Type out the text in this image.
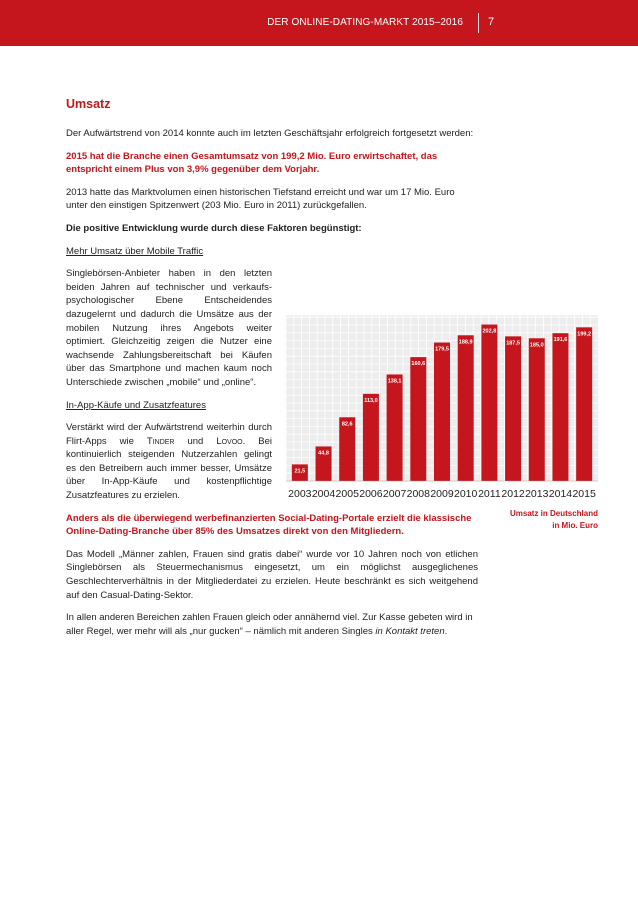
DER ONLINE-DATING-MARKT 2015–2016 7
Umsatz

Der Aufwärtstrend von 2014 konnte auch im letzten Geschäftsjahr erfolgreich fortgesetzt werden:

2015 hat die Branche einen Gesamtumsatz von 199,2 Mio. Euro erwirtschaftet, das entspricht einem Plus von 3,9% gegenüber dem Vorjahr.

2013 hatte das Marktvolumen einen historischen Tiefstand erreicht und war um 17 Mio. Euro unter den einstigen Spitzenwert (203 Mio. Euro in 2011) zurückgefallen.

Die positive Entwicklung wurde durch diese Faktoren begünstigt:

Mehr Umsatz über Mobile Traffic

Singlebörsen-Anbieter haben in den letzten beiden Jahren auf technischer und verkaufs-psychologischer Ebene Entscheidendes dazugelernt und dadurch die Umsätze aus der mobilen Nutzung ihres Angebots weiter optimiert. Gleichzeitig zeigen die Nutzer eine wachsende Zahlungsbereitschaft bei Käufen über das Smartphone und machen kaum noch Unterschiede zwischen „mobile“ und „online“.

In-App-Käufe und Zusatzfeatures

Verstärkt wird der Aufwärtstrend weiterhin durch Flirt-Apps wie Tinder und Lovoo. Bei kontinuierlich steigenden Nutzerzahlen gelingt es den Betreibern auch immer besser, Umsätze über In-App-Käufe und kostenpflichtige Zusatzfeatures zu erzielen.

Anders als die überwiegend werbefinanzierten Social-Dating-Portale erzielt die klassische Online-Dating-Branche über 85% des Umsatzes direkt von den Mitgliedern.

Das Modell „Männer zahlen, Frauen sind gratis dabei“ wurde vor 10 Jahren noch von etlichen Singlebörsen als Steuermechanismus eingesetzt, um ein möglichst ausgeglichenes Geschlechterverhältnis in der Mitgliederdatei zu erzielen. Heute beschränkt es sich weitgehend auf den Casual-Dating-Sektor.

In allen anderen Bereichen zahlen Frauen gleich oder annähernd viel. Zur Kasse gebeten wird in aller Regel, wer mehr will als „nur gucken“ – nämlich mit anderen Singles in Kontakt treten.

21,5
2003
44,8
2004
82,6
2005
113,0
2006
138,1
2007
160,6
2008
179,5
2009
188,9
2010
202,8
2011
187,5
2012
185,0
2013
191,6
2014
199,2
2015
Umsatz in Deutschland
in Mio. Euro
